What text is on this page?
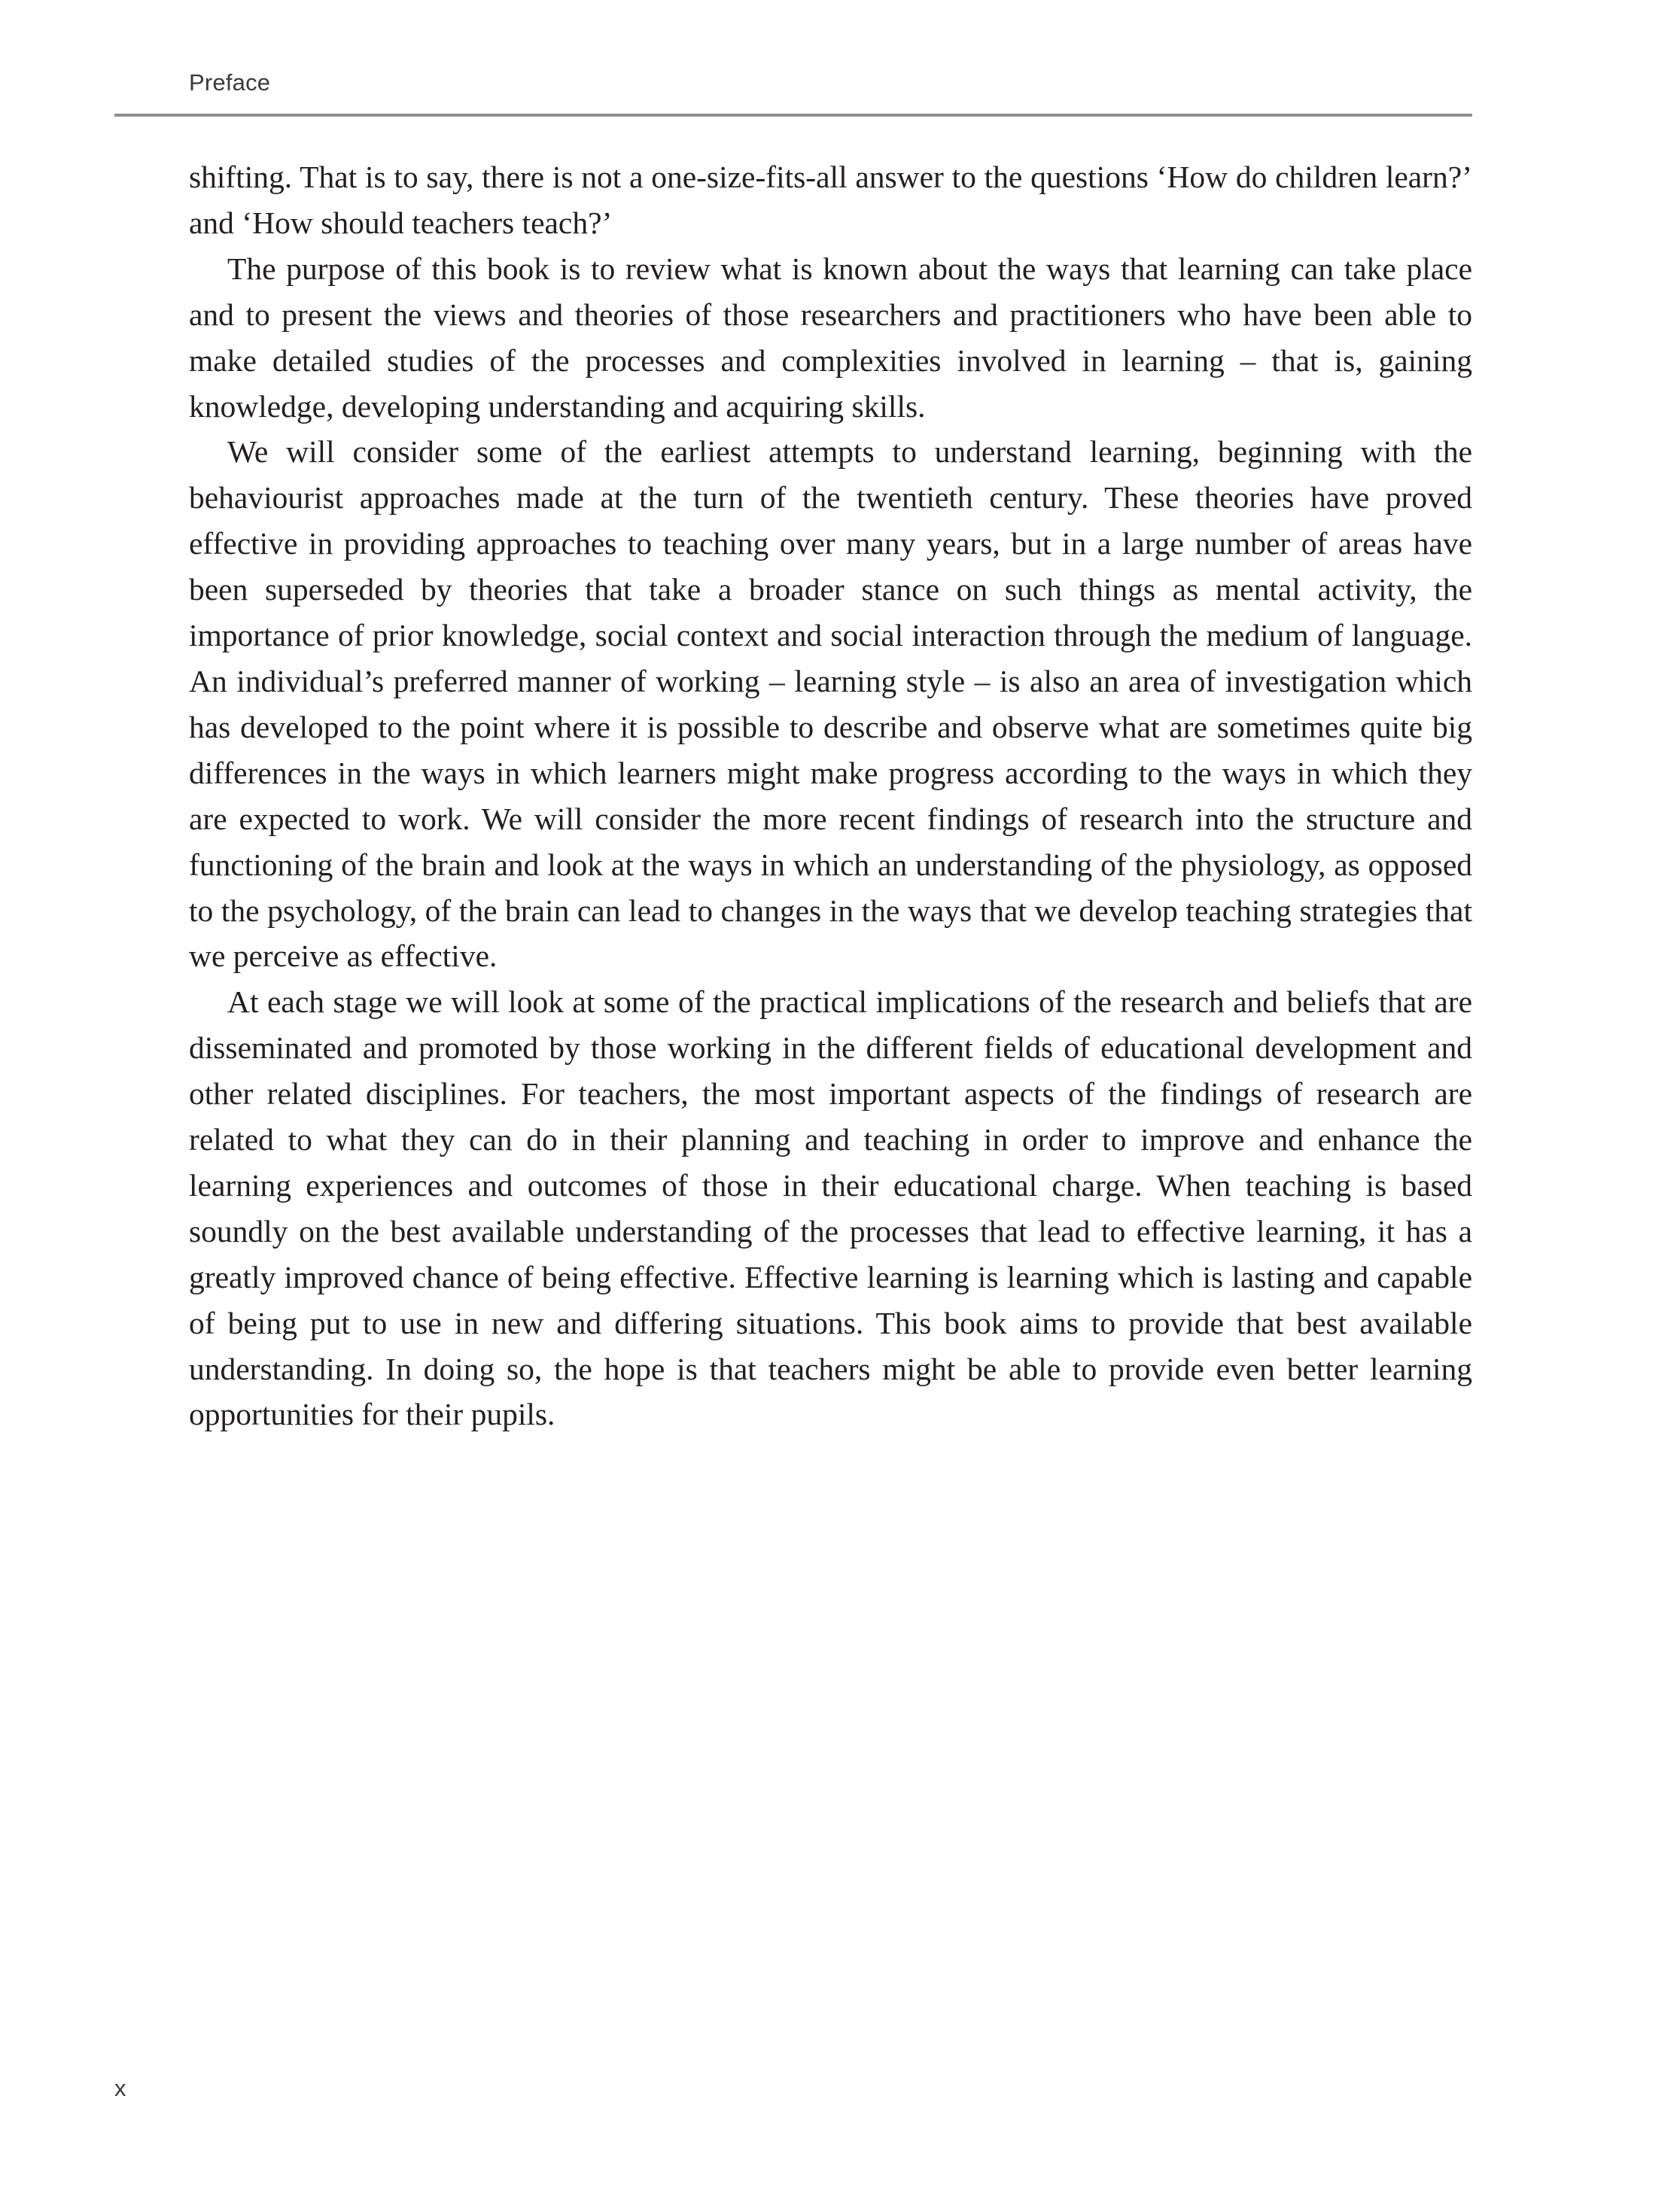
Preface

shifting. That is to say, there is not a one-size-fits-all answer to the questions ‘How do children learn?’ and ‘How should teachers teach?’

The purpose of this book is to review what is known about the ways that learning can take place and to present the views and theories of those researchers and practitioners who have been able to make detailed studies of the processes and complexities involved in learning – that is, gaining knowledge, developing understanding and acquiring skills.

We will consider some of the earliest attempts to understand learning, beginning with the behaviourist approaches made at the turn of the twentieth century. These theories have proved effective in providing approaches to teaching over many years, but in a large number of areas have been superseded by theories that take a broader stance on such things as mental activity, the importance of prior knowledge, social context and social interaction through the medium of language. An individual’s preferred manner of working – learning style – is also an area of investigation which has developed to the point where it is possible to describe and observe what are sometimes quite big differences in the ways in which learners might make progress according to the ways in which they are expected to work. We will consider the more recent findings of research into the structure and functioning of the brain and look at the ways in which an understanding of the physiology, as opposed to the psychology, of the brain can lead to changes in the ways that we develop teaching strategies that we perceive as effective.

At each stage we will look at some of the practical implications of the research and beliefs that are disseminated and promoted by those working in the different fields of educational development and other related disciplines. For teachers, the most important aspects of the findings of research are related to what they can do in their planning and teaching in order to improve and enhance the learning experiences and outcomes of those in their educational charge. When teaching is based soundly on the best available understanding of the processes that lead to effective learning, it has a greatly improved chance of being effective. Effective learning is learning which is lasting and capable of being put to use in new and differing situations. This book aims to provide that best available understanding. In doing so, the hope is that teachers might be able to provide even better learning opportunities for their pupils.

x
